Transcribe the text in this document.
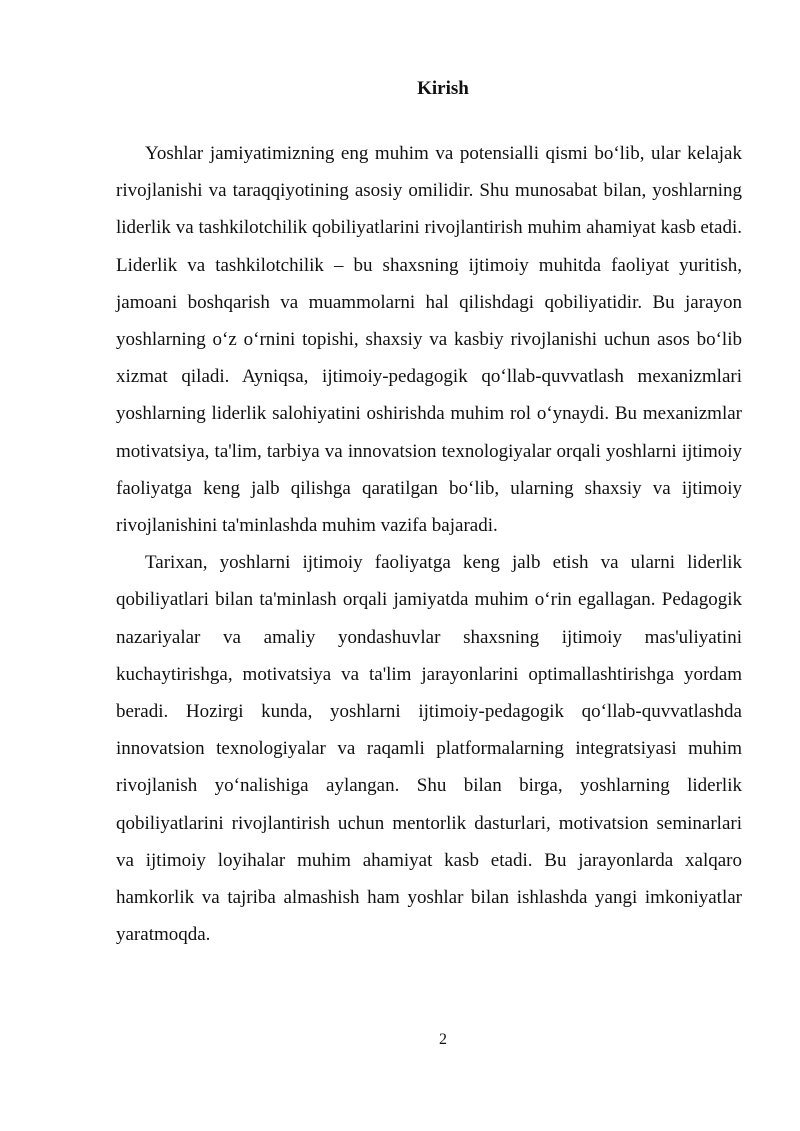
Kirish

Yoshlar jamiyatimizning eng muhim va potensialli qismi bo‘lib, ular kelajak rivojlanishi va taraqqiyotining asosiy omilidir. Shu munosabat bilan, yoshlarning liderlik va tashkilotchilik qobiliyatlarini rivojlantirish muhim ahamiyat kasb etadi. Liderlik va tashkilotchilik – bu shaxsning ijtimoiy muhitda faoliyat yuritish, jamoani boshqarish va muammolarni hal qilishdagi qobiliyatidir. Bu jarayon yoshlarning o‘z o‘rnini topishi, shaxsiy va kasbiy rivojlanishi uchun asos bo‘lib xizmat qiladi. Ayniqsa, ijtimoiy-pedagogik qo‘llab-quvvatlash mexanizmlari yoshlarning liderlik salohiyatini oshirishda muhim rol o‘ynaydi. Bu mexanizmlar motivatsiya, ta'lim, tarbiya va innovatsion texnologiyalar orqali yoshlarni ijtimoiy faoliyatga keng jalb qilishga qaratilgan bo‘lib, ularning shaxsiy va ijtimoiy rivojlanishini ta'minlashda muhim vazifa bajaradi.

Tarixan, yoshlarni ijtimoiy faoliyatga keng jalb etish va ularni liderlik qobiliyatlari bilan ta'minlash orqali jamiyatda muhim o‘rin egallagan. Pedagogik nazariyalar va amaliy yondashuvlar shaxsning ijtimoiy mas'uliyatini kuchaytirishga, motivatsiya va ta'lim jarayonlarini optimallashtirishga yordam beradi. Hozirgi kunda, yoshlarni ijtimoiy-pedagogik qo‘llab-quvvatlashda innovatsion texnologiyalar va raqamli platformalarning integratsiyasi muhim rivojlanish yo‘nalishiga aylangan. Shu bilan birga, yoshlarning liderlik qobiliyatlarini rivojlantirish uchun mentorlik dasturlari, motivatsion seminarlari va ijtimoiy loyihalar muhim ahamiyat kasb etadi. Bu jarayonlarda xalqaro hamkorlik va tajriba almashish ham yoshlar bilan ishlashda yangi imkoniyatlar yaratmoqda.

2
